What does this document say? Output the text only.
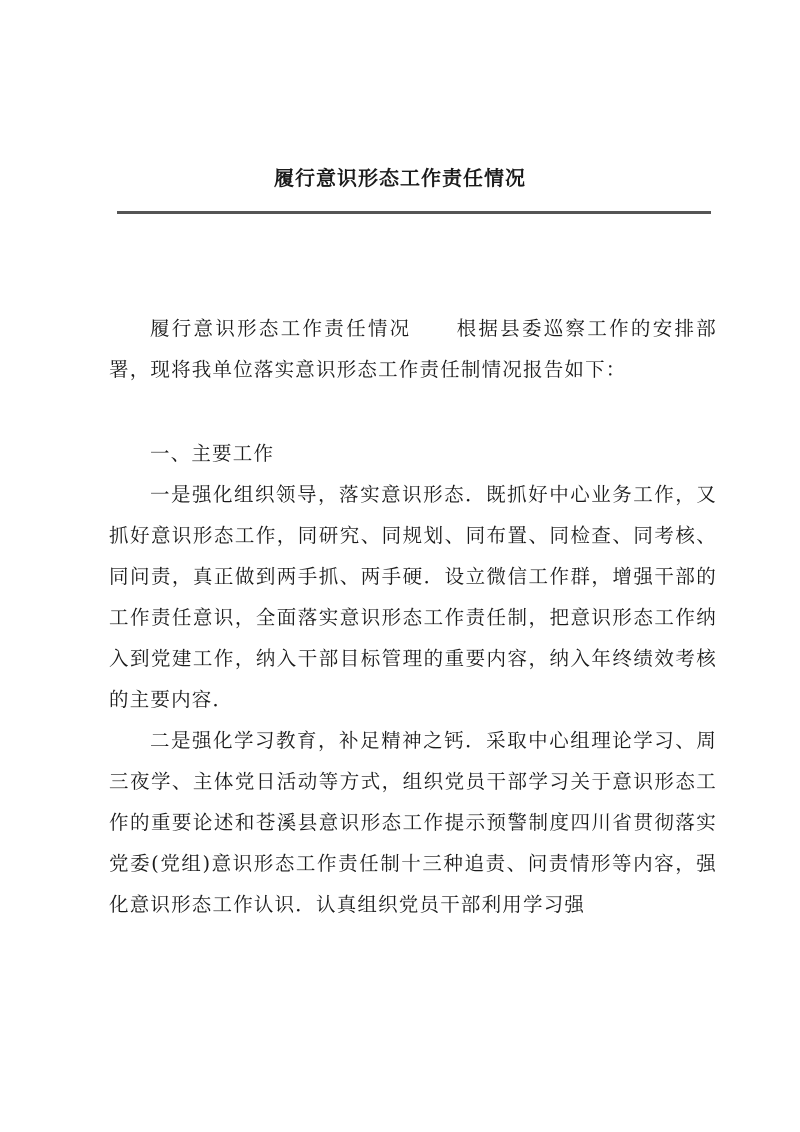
履行意识形态工作责任情况

履行意识形态工作责任情况 根据县委巡察工作的安排部署，现将我单位落实意识形态工作责任制情况报告如下：

一、主要工作

一是强化组织领导，落实意识形态．既抓好中心业务工作，又抓好意识形态工作，同研究、同规划、同布置、同检查、同考核、同问责，真正做到两手抓、两手硬．设立微信工作群，增强干部的工作责任意识，全面落实意识形态工作责任制，把意识形态工作纳入到党建工作，纳入干部目标管理的重要内容，纳入年终绩效考核的主要内容．

二是强化学习教育，补足精神之钙．采取中心组理论学习、周三夜学、主体党日活动等方式，组织党员干部学习关于意识形态工作的重要论述和苍溪县意识形态工作提示预警制度四川省贯彻落实党委(党组)意识形态工作责任制十三种追责、问责情形等内容，强化意识形态工作认识．认真组织党员干部利用学习强
